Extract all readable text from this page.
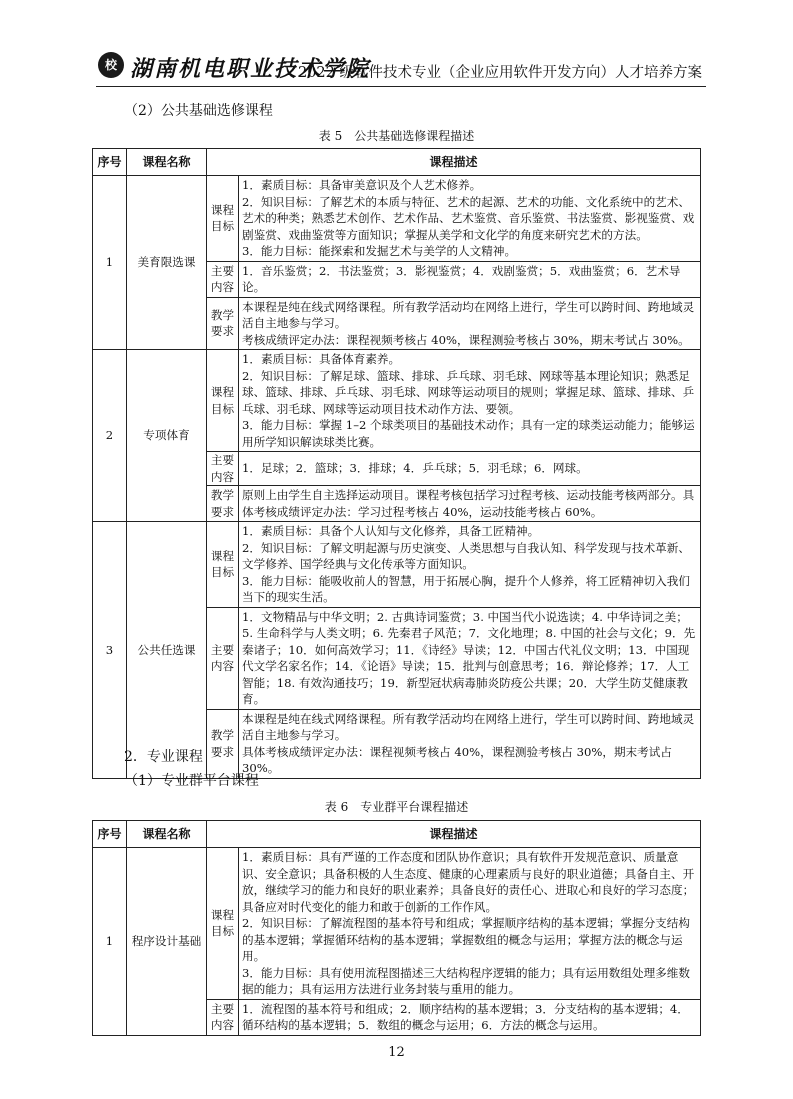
校 湖南机电职业技术学院
2022 级软件技术专业（企业应用软件开发方向）人才培养方案
（2）公共基础选修课程
表 5　公共基础选修课程描述
序号	课程名称	课程描述	
1	美育限选课	课程目标	1．素质目标：具备审美意识及个人艺术修养。
2．知识目标：了解艺术的本质与特征、艺术的起源、艺术的功能、文化系统中的艺术、艺术的种类；熟悉艺术创作、艺术作品、艺术鉴赏、音乐鉴赏、书法鉴赏、影视鉴赏、戏剧鉴赏、戏曲鉴赏等方面知识；掌握从美学和文化学的角度来研究艺术的方法。
3．能力目标：能探索和发掘艺术与美学的人文精神。

		主要内容	1．音乐鉴赏；2．书法鉴赏；3．影视鉴赏；4．戏剧鉴赏；5．戏曲鉴赏；6．艺术导论。

		教学要求	本课程是纯在线式网络课程。所有教学活动均在网络上进行，学生可以跨时间、跨地域灵活自主地参与学习。
考核成绩评定办法：课程视频考核占 40%，课程测验考核占 30%，期末考试占 30%。

2	专项体育	课程目标	1．素质目标：具备体育素养。
2．知识目标：了解足球、篮球、排球、乒乓球、羽毛球、网球等基本理论知识；熟悉足球、篮球、排球、乒乓球、羽毛球、网球等运动项目的规则；掌握足球、篮球、排球、乒乓球、羽毛球、网球等运动项目技术动作方法、要领。
3．能力目标：掌握 1–2 个球类项目的基础技术动作；具有一定的球类运动能力；能够运用所学知识解读球类比赛。

		主要内容	1．足球；2．篮球；3．排球；4．乒乓球；5．羽毛球；6．网球。

		教学要求	原则上由学生自主选择运动项目。课程考核包括学习过程考核、运动技能考核两部分。具体考核成绩评定办法：学习过程考核占 40%，运动技能考核占 60%。

3	公共任选课	课程目标	1．素质目标：具备个人认知与文化修养，具备工匠精神。
2．知识目标：了解文明起源与历史演变、人类思想与自我认知、科学发现与技术革新、文学修养、国学经典与文化传承等方面知识。
3．能力目标：能吸收前人的智慧，用于拓展心胸，提升个人修养，将工匠精神切入我们当下的现实生活。

		主要内容	1．文物精品与中华文明；2. 古典诗词鉴赏；3. 中国当代小说选读；4. 中华诗词之美；5. 生命科学与人类文明；6. 先秦君子风范；7．文化地理；8. 中国的社会与文化；9．先秦诸子；10．如何高效学习；11．《诗经》导读；12．中国古代礼仪文明；13．中国现代文学名家名作；14．《论语》导读；15．批判与创意思考；16．辩论修养；17．人工智能；18. 有效沟通技巧；19．新型冠状病毒肺炎防疫公共课；20．大学生防艾健康教育。

		教学要求	本课程是纯在线式网络课程。所有教学活动均在网络上进行，学生可以跨时间、跨地域灵活自主地参与学习。
具体考核成绩评定办法：课程视频考核占 40%，课程测验考核占 30%，期末考试占 30%。
2．专业课程
（1）专业群平台课程
表 6　专业群平台课程描述
序号	课程名称	课程描述	
1	程序设计基础	课程目标	1．素质目标：具有严谨的工作态度和团队协作意识；具有软件开发规范意识、质量意识、安全意识；具备积极的人生态度、健康的心理素质与良好的职业道德；具备自主、开放，继续学习的能力和良好的职业素养；具备良好的责任心、进取心和良好的学习态度；具备应对时代变化的能力和敢于创新的工作作风。
2．知识目标：了解流程图的基本符号和组成；掌握顺序结构的基本逻辑；掌握分支结构的基本逻辑；掌握循环结构的基本逻辑；掌握数组的概念与运用；掌握方法的概念与运用。
3．能力目标：具有使用流程图描述三大结构程序逻辑的能力；具有运用数组处理多维数据的能力；具有运用方法进行业务封装与重用的能力。

		主要内容	1．流程图的基本符号和组成；2．顺序结构的基本逻辑；3．分支结构的基本逻辑；4．循环结构的基本逻辑；5．数组的概念与运用；6．方法的概念与运用。
12
